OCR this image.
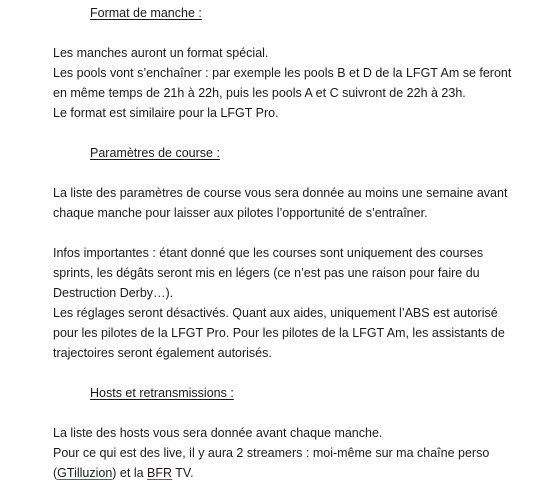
Format de manche :

Les manches auront un format spécial.
Les pools vont s’enchaîner : par exemple les pools B et D de la LFGT Am se feront
en même temps de 21h à 22h, puis les pools A et C suivront de 22h à 23h.
Le format est similaire pour la LFGT Pro.

Paramètres de course :

La liste des paramètres de course vous sera donnée au moins une semaine avant
chaque manche pour laisser aux pilotes l’opportunité de s’entraîner.

Infos importantes : étant donné que les courses sont uniquement des courses
sprints, les dégâts seront mis en légers (ce n’est pas une raison pour faire du
Destruction Derby…).
Les réglages seront désactivés. Quant aux aides, uniquement l’ABS est autorisé
pour les pilotes de la LFGT Pro. Pour les pilotes de la LFGT Am, les assistants de
trajectoires seront également autorisés.

Hosts et retransmissions :

La liste des hosts vous sera donnée avant chaque manche.
Pour ce qui est des live, il y aura 2 streamers : moi-même sur ma chaîne perso
(GTilluzion) et la BFR TV.
